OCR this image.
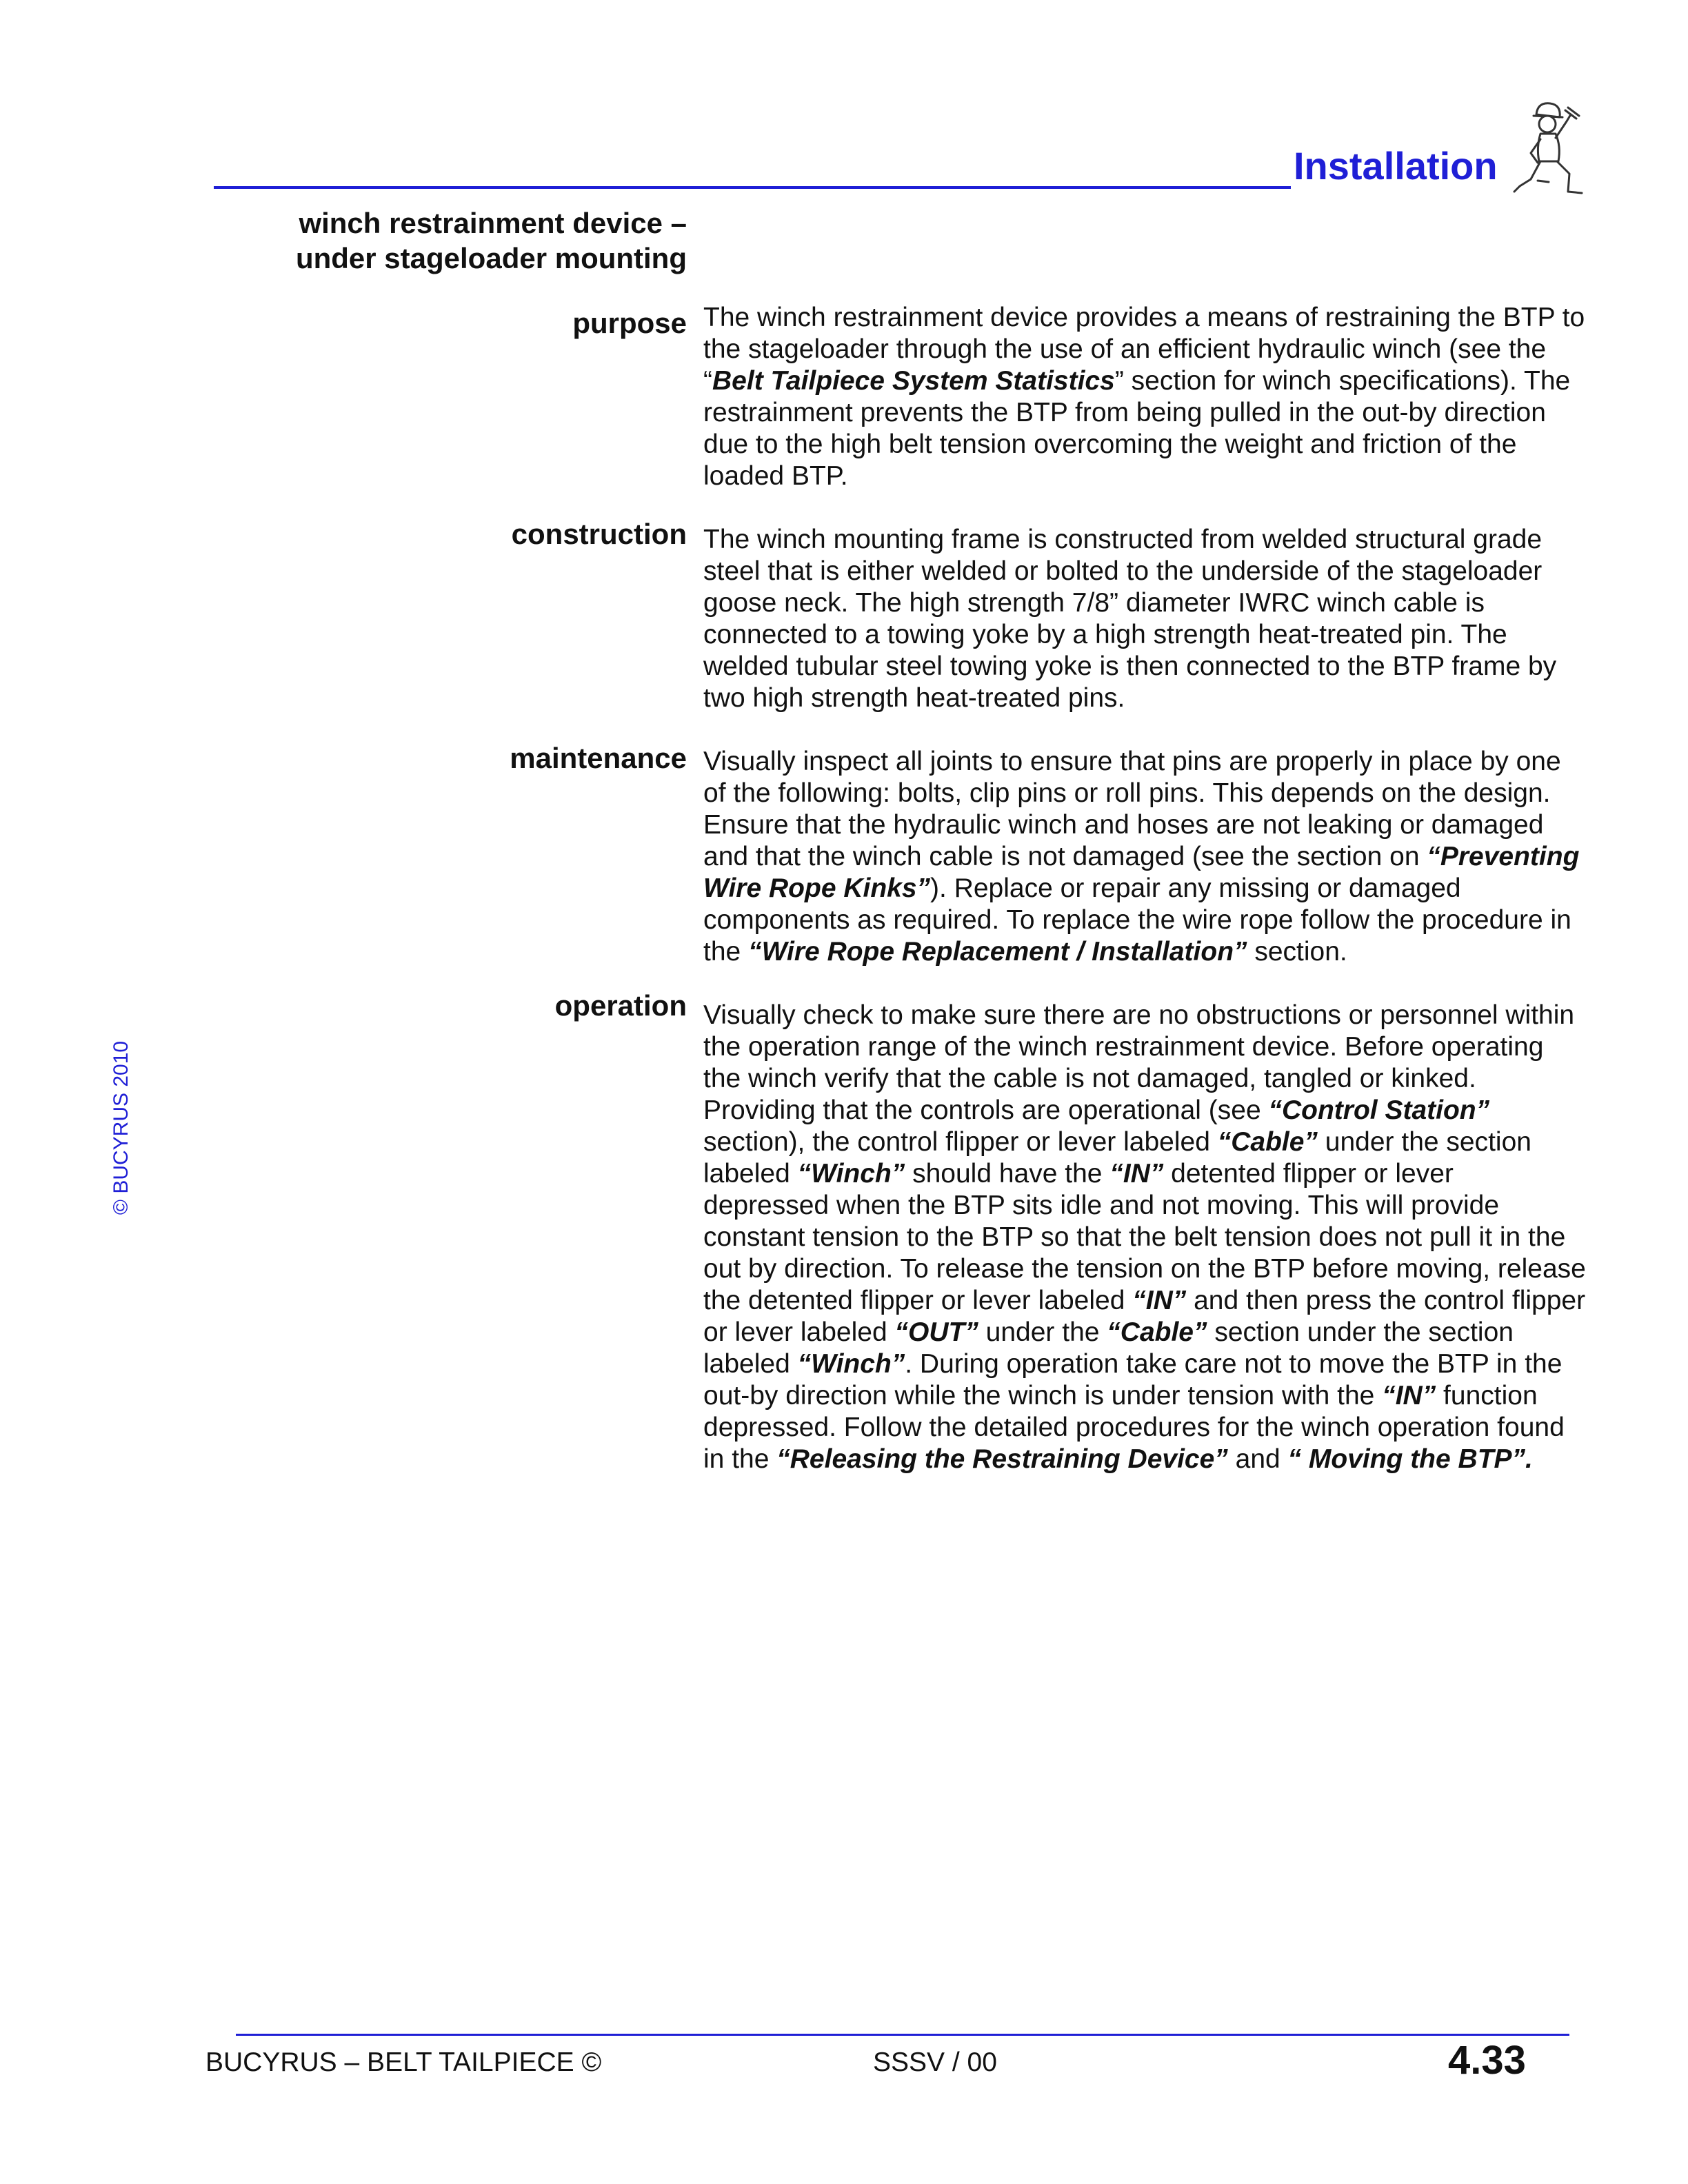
Installation
winch restrainment device –
under stageloader mounting
purpose The winch restrainment device provides a means of restraining the BTP to the stageloader through the use of an efficient hydraulic winch (see the “Belt Tailpiece System Statistics” section for winch specifications). The restrainment prevents the BTP from being pulled in the out-by direction due to the high belt tension overcoming the weight and friction of the loaded BTP.
construction The winch mounting frame is constructed from welded structural grade steel that is either welded or bolted to the underside of the stageloader goose neck. The high strength 7/8” diameter IWRC winch cable is connected to a towing yoke by a high strength heat-treated pin. The welded tubular steel towing yoke is then connected to the BTP frame by two high strength heat-treated pins.
maintenance Visually inspect all joints to ensure that pins are properly in place by one of the following: bolts, clip pins or roll pins. This depends on the design. Ensure that the hydraulic winch and hoses are not leaking or damaged and that the winch cable is not damaged (see the section on “Preventing Wire Rope Kinks”). Replace or repair any missing or damaged components as required. To replace the wire rope follow the procedure in the “Wire Rope Replacement / Installation” section.
operation Visually check to make sure there are no obstructions or personnel within the operation range of the winch restrainment device. Before operating the winch verify that the cable is not damaged, tangled or kinked. Providing that the controls are operational (see “Control Station” section), the control flipper or lever labeled “Cable” under the section labeled “Winch” should have the “IN” detented flipper or lever depressed when the BTP sits idle and not moving. This will provide constant tension to the BTP so that the belt tension does not pull it in the out by direction. To release the tension on the BTP before moving, release the detented flipper or lever labeled “IN” and then press the control flipper or lever labeled “OUT” under the “Cable” section under the section labeled “Winch”. During operation take care not to move the BTP in the out-by direction while the winch is under tension with the “IN” function depressed. Follow the detailed procedures for the winch operation found in the “Releasing the Restraining Device” and “ Moving the BTP”.
© BUCYRUS 2010
BUCYRUS – BELT TAILPIECE ©	SSSV / 00	4.33
